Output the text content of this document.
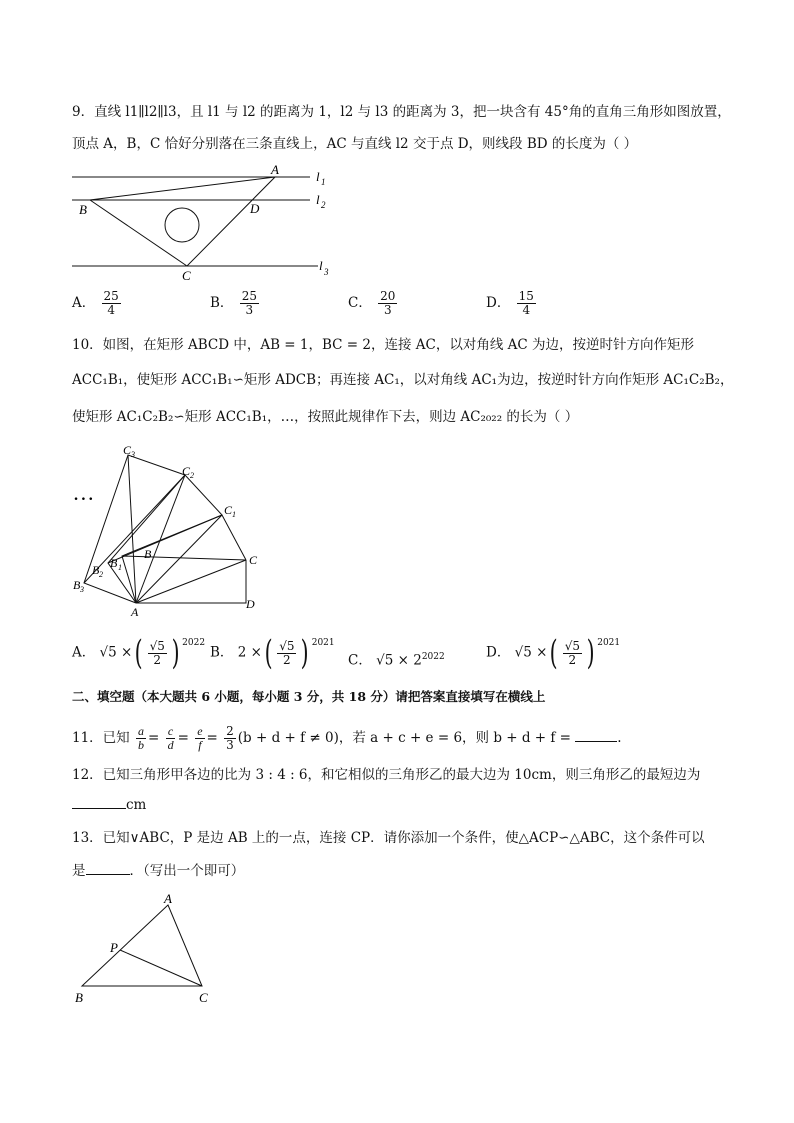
9．直线 l1∥l2∥l3，且 l1 与 l2 的距离为 1，l2 与 l3 的距离为 3，把一块含有 45°角的直角三角形如图放置，
顶点 A，B，C 恰好分别落在三条直线上，AC 与直线 l2 交于点 D，则线段 BD 的长度为（ ）
A
B
C
D
l 1
l 2
l 3
A． $\frac{25}{4}$	B． $\frac{25}{3}$	C． $\frac{20}{3}$	D． $\frac{15}{4}$
10．如图，在矩形 ABCD 中，AB = 1，BC = 2，连接 AC，以对角线 AC 为边，按逆时针方向作矩形
ACC₁B₁，使矩形 ACC₁B₁∽矩形 ADCB；再连接 AC₁，以对角线 AC₁为边，按逆时针方向作矩形 AC₁C₂B₂，
使矩形 AC₁C₂B₂∽矩形 ACC₁B₁，…，按照此规律作下去，则边 AC₂₀₂₂ 的长为（ ）
…
C 3
C 2
C 1
C
D
A
B
B 1
B 2
B 3
A． √5 ×( $\frac{√5}{2}$ ) $^{2022}$
B． 2 ×( $\frac{√5}{2}$ ) $^{2021}$
C． $√5 \times 2^{2022}$	D． √5 ×( $\frac{√5}{2}$ ) $^{2021}$
二、填空题（本大题共 6 小题，每小题 3 分，共 18 分）请把答案直接填写在横线上
11．已知 $\frac{a}{b} = \frac{c}{d} = \frac{e}{f} = \frac{2}{3} (b + d + f \ne 0)$，若 a + c + e = 6，则 b + d + f =	.
12．已知三角形甲各边的比为 3 : 4 : 6，和它相似的三角形乙的最大边为 10cm，则三角形乙的最短边为
cm
13．已知∨ABC，P 是边 AB 上的一点，连接 CP．请你添加一个条件，使△ACP∽△ABC，这个条件可以
是	．（写出一个即可）
A
P
B	C
